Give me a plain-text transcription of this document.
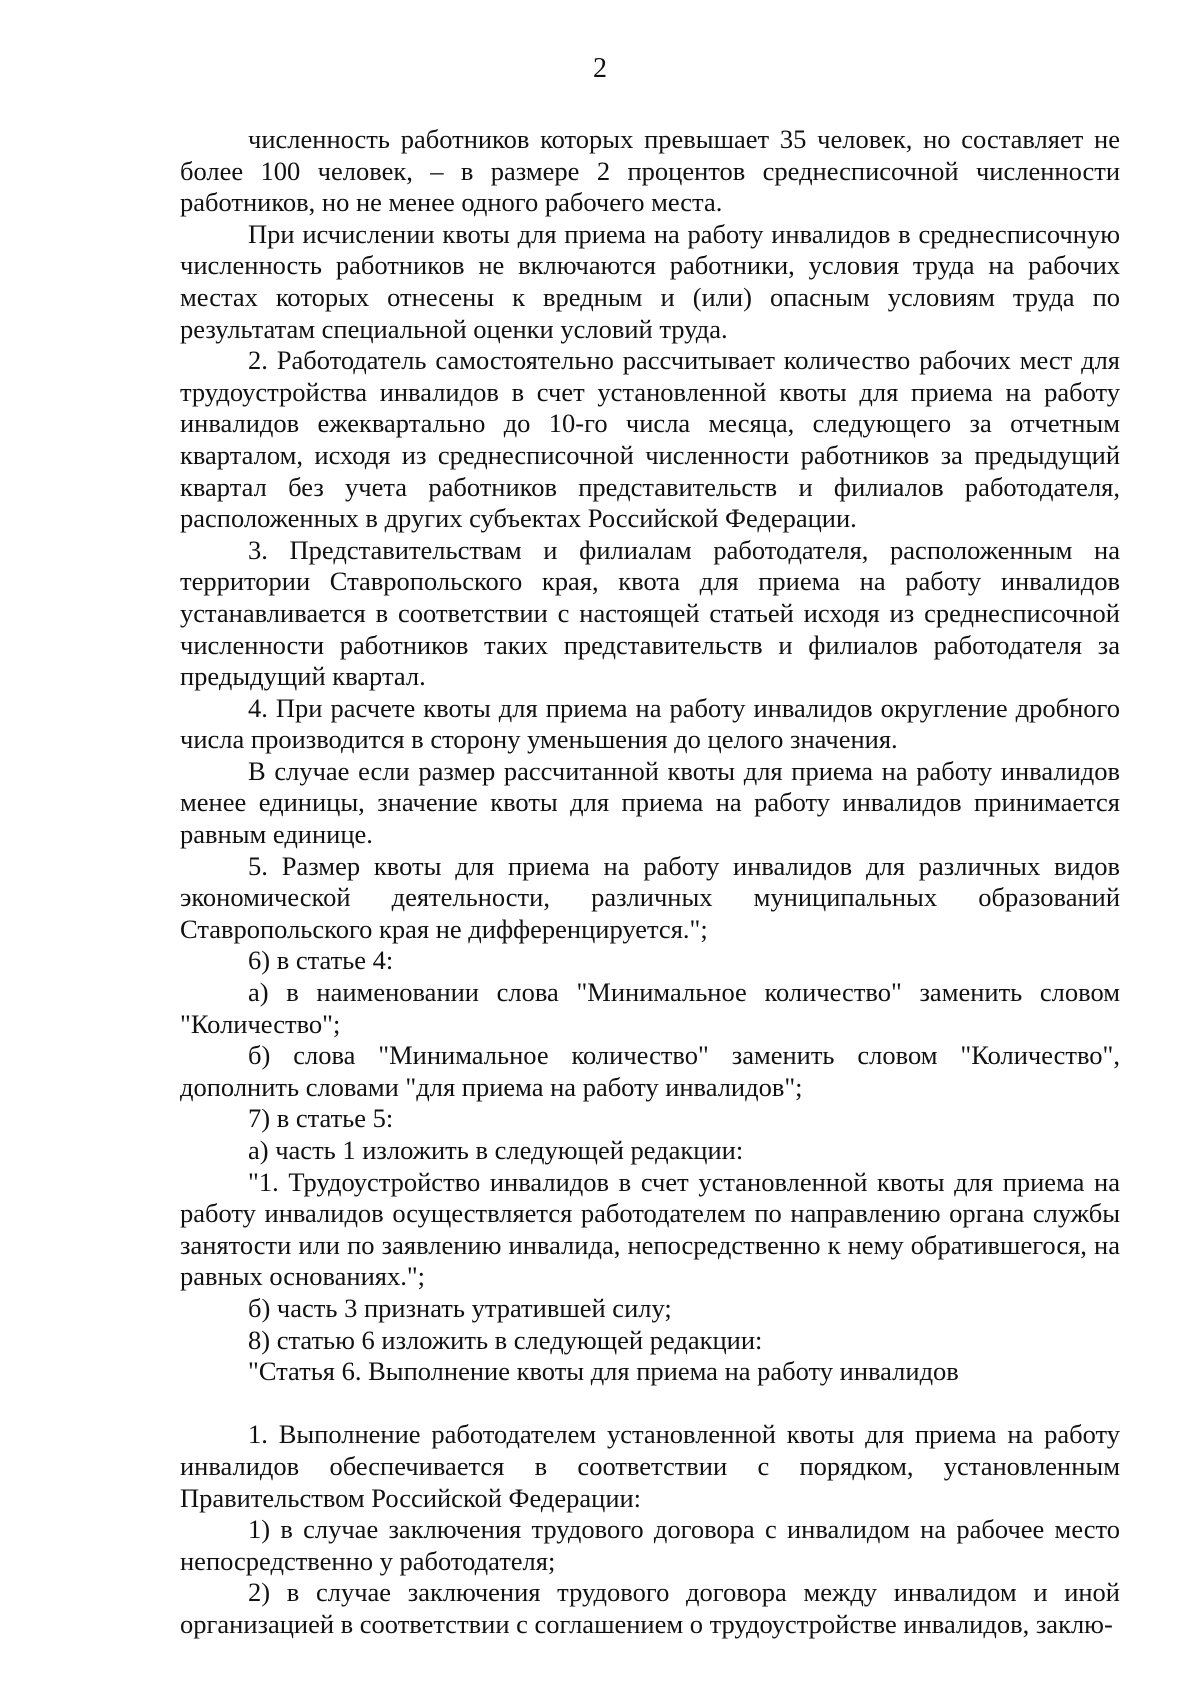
2

численность работников которых превышает 35 человек, но составляет не более 100 человек, – в размере 2 процентов среднесписочной численности работников, но не менее одного рабочего места.

При исчислении квоты для приема на работу инвалидов в среднесписочную численность работников не включаются работники, условия труда на рабочих местах которых отнесены к вредным и (или) опасным условиям труда по результатам специальной оценки условий труда.

2. Работодатель самостоятельно рассчитывает количество рабочих мест для трудоустройства инвалидов в счет установленной квоты для приема на работу инвалидов ежеквартально до 10-го числа месяца, следующего за отчетным кварталом, исходя из среднесписочной численности работников за предыдущий квартал без учета работников представительств и филиалов работодателя, расположенных в других субъектах Российской Федерации.

3. Представительствам и филиалам работодателя, расположенным на территории Ставропольского края, квота для приема на работу инвалидов устанавливается в соответствии с настоящей статьей исходя из среднесписочной численности работников таких представительств и филиалов работодателя за предыдущий квартал.

4. При расчете квоты для приема на работу инвалидов округление дробного числа производится в сторону уменьшения до целого значения.

В случае если размер рассчитанной квоты для приема на работу инвалидов менее единицы, значение квоты для приема на работу инвалидов принимается равным единице.

5. Размер квоты для приема на работу инвалидов для различных видов экономической деятельности, различных муниципальных образований Ставропольского края не дифференцируется.";

6) в статье 4:

а) в наименовании слова "Минимальное количество" заменить словом "Количество";

б) слова "Минимальное количество" заменить словом "Количество", дополнить словами "для приема на работу инвалидов";

7) в статье 5:

а) часть 1 изложить в следующей редакции:

"1. Трудоустройство инвалидов в счет установленной квоты для приема на работу инвалидов осуществляется работодателем по направлению органа службы занятости или по заявлению инвалида, непосредственно к нему обратившегося, на равных основаниях.";

б) часть 3 признать утратившей силу;

8) статью 6 изложить в следующей редакции:

"Статья 6. Выполнение квоты для приема на работу инвалидов

1. Выполнение работодателем установленной квоты для приема на работу инвалидов обеспечивается в соответствии с порядком, установленным Правительством Российской Федерации:

1) в случае заключения трудового договора с инвалидом на рабочее место непосредственно у работодателя;

2) в случае заключения трудового договора между инвалидом и иной организацией в соответствии с соглашением о трудоустройстве инвалидов, заклю-
